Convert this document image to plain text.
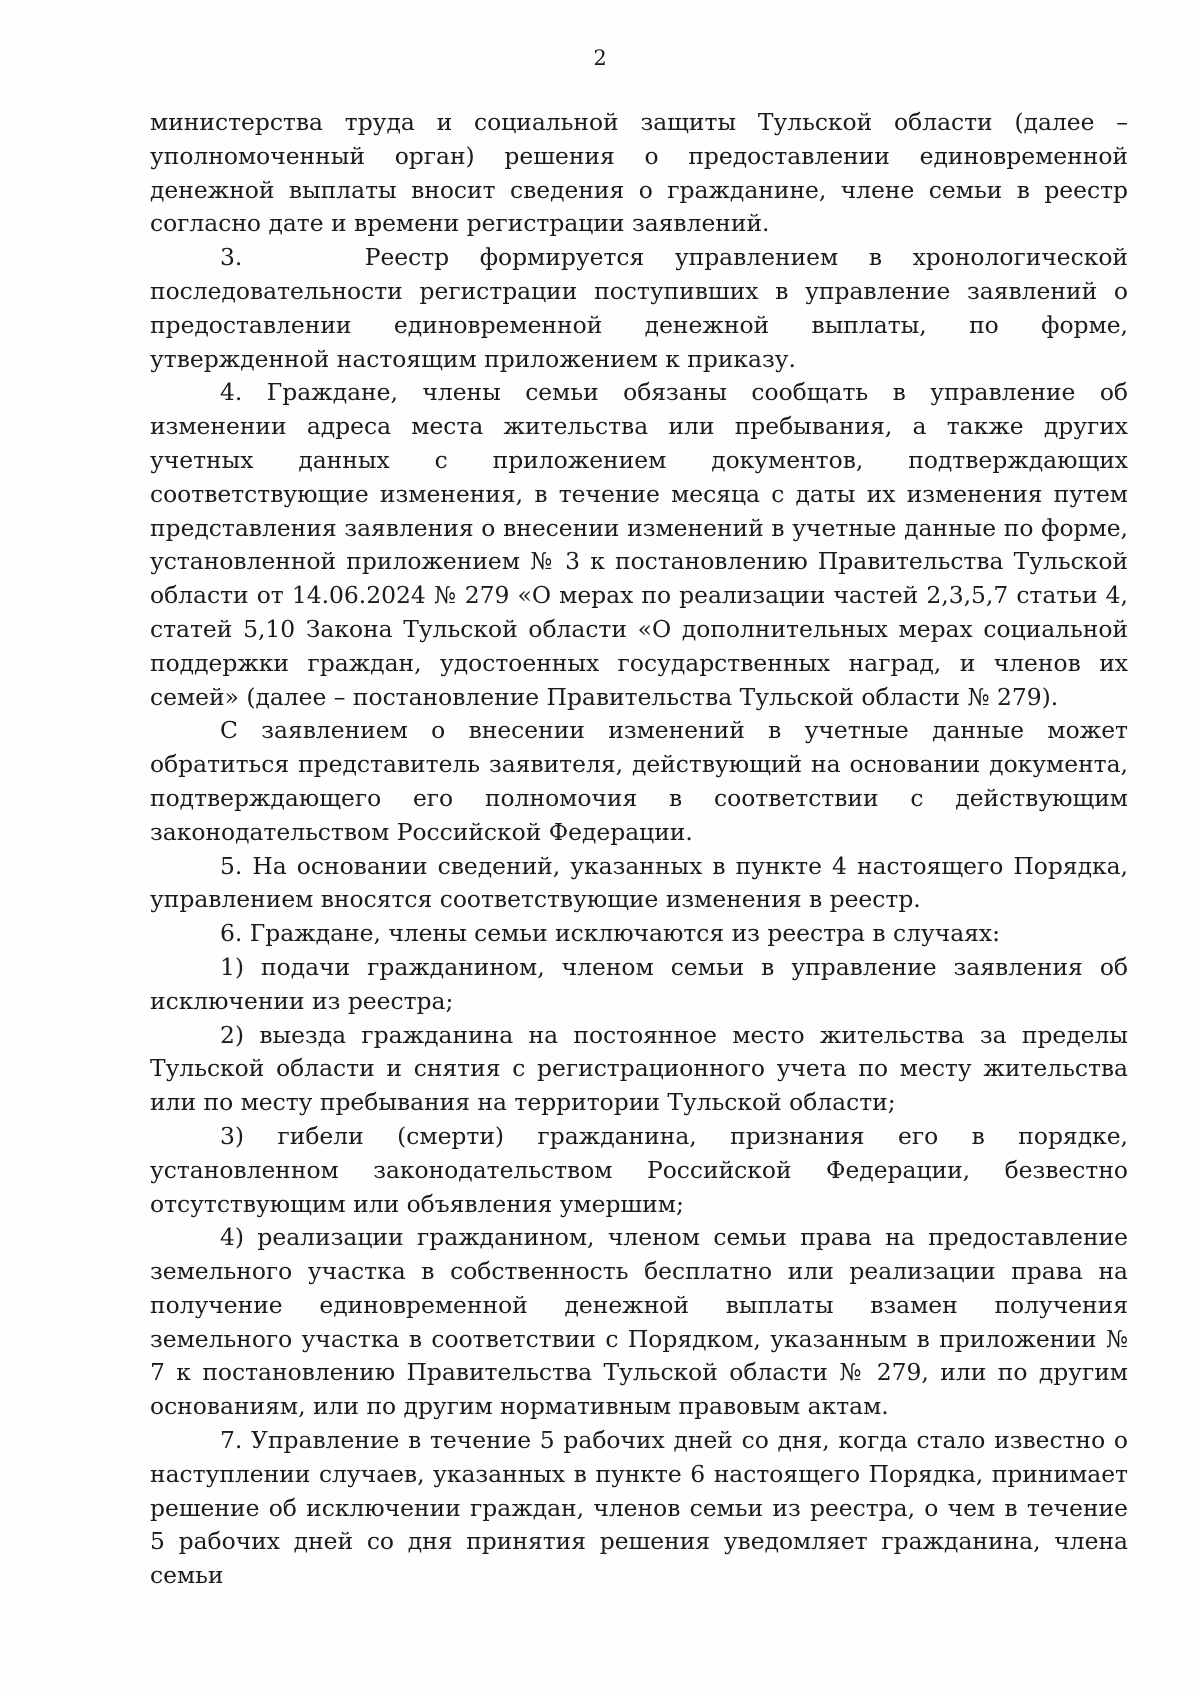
2

министерства труда и социальной защиты Тульской области (далее – уполномоченный орган) решения о предоставлении единовременной денежной выплаты вносит сведения о гражданине, члене семьи в реестр согласно дате и времени регистрации заявлений.

3.    Реестр формируется управлением в хронологической последовательности регистрации поступивших в управление заявлений о предоставлении единовременной денежной выплаты, по форме, утвержденной настоящим приложением к приказу.

4. Граждане, члены семьи обязаны сообщать в управление об изменении адреса места жительства или пребывания, а также других учетных данных с приложением документов, подтверждающих соответствующие изменения, в течение месяца с даты их изменения путем представления заявления о внесении изменений в учетные данные по форме, установленной приложением № 3 к постановлению Правительства Тульской области от 14.06.2024 № 279 «О мерах по реализации частей 2,3,5,7 статьи 4, статей 5,10 Закона Тульской области «О дополнительных мерах социальной поддержки граждан, удостоенных государственных наград, и членов их семей» (далее – постановление Правительства Тульской области № 279).

С заявлением о внесении изменений в учетные данные может обратиться представитель заявителя, действующий на основании документа, подтверждающего его полномочия в соответствии с действующим законодательством Российской Федерации.

5. На основании сведений, указанных в пункте 4 настоящего Порядка, управлением вносятся соответствующие изменения в реестр.

6. Граждане, члены семьи исключаются из реестра в случаях:

1) подачи гражданином, членом семьи в управление заявления об исключении из реестра;

2) выезда гражданина на постоянное место жительства за пределы Тульской области и снятия с регистрационного учета по месту жительства или по месту пребывания на территории Тульской области;

3) гибели (смерти) гражданина, признания его в порядке, установленном законодательством Российской Федерации, безвестно отсутствующим или объявления умершим;

4) реализации гражданином, членом семьи права на предоставление земельного участка в собственность бесплатно или реализации права на получение единовременной денежной выплаты взамен получения земельного участка в соответствии с Порядком, указанным в приложении № 7 к постановлению Правительства Тульской области № 279, или по другим основаниям, или по другим нормативным правовым актам.

7. Управление в течение 5 рабочих дней со дня, когда стало известно о наступлении случаев, указанных в пункте 6 настоящего Порядка, принимает решение об исключении граждан, членов семьи из реестра, о чем в течение 5 рабочих дней со дня принятия решения уведомляет гражданина, члена семьи
